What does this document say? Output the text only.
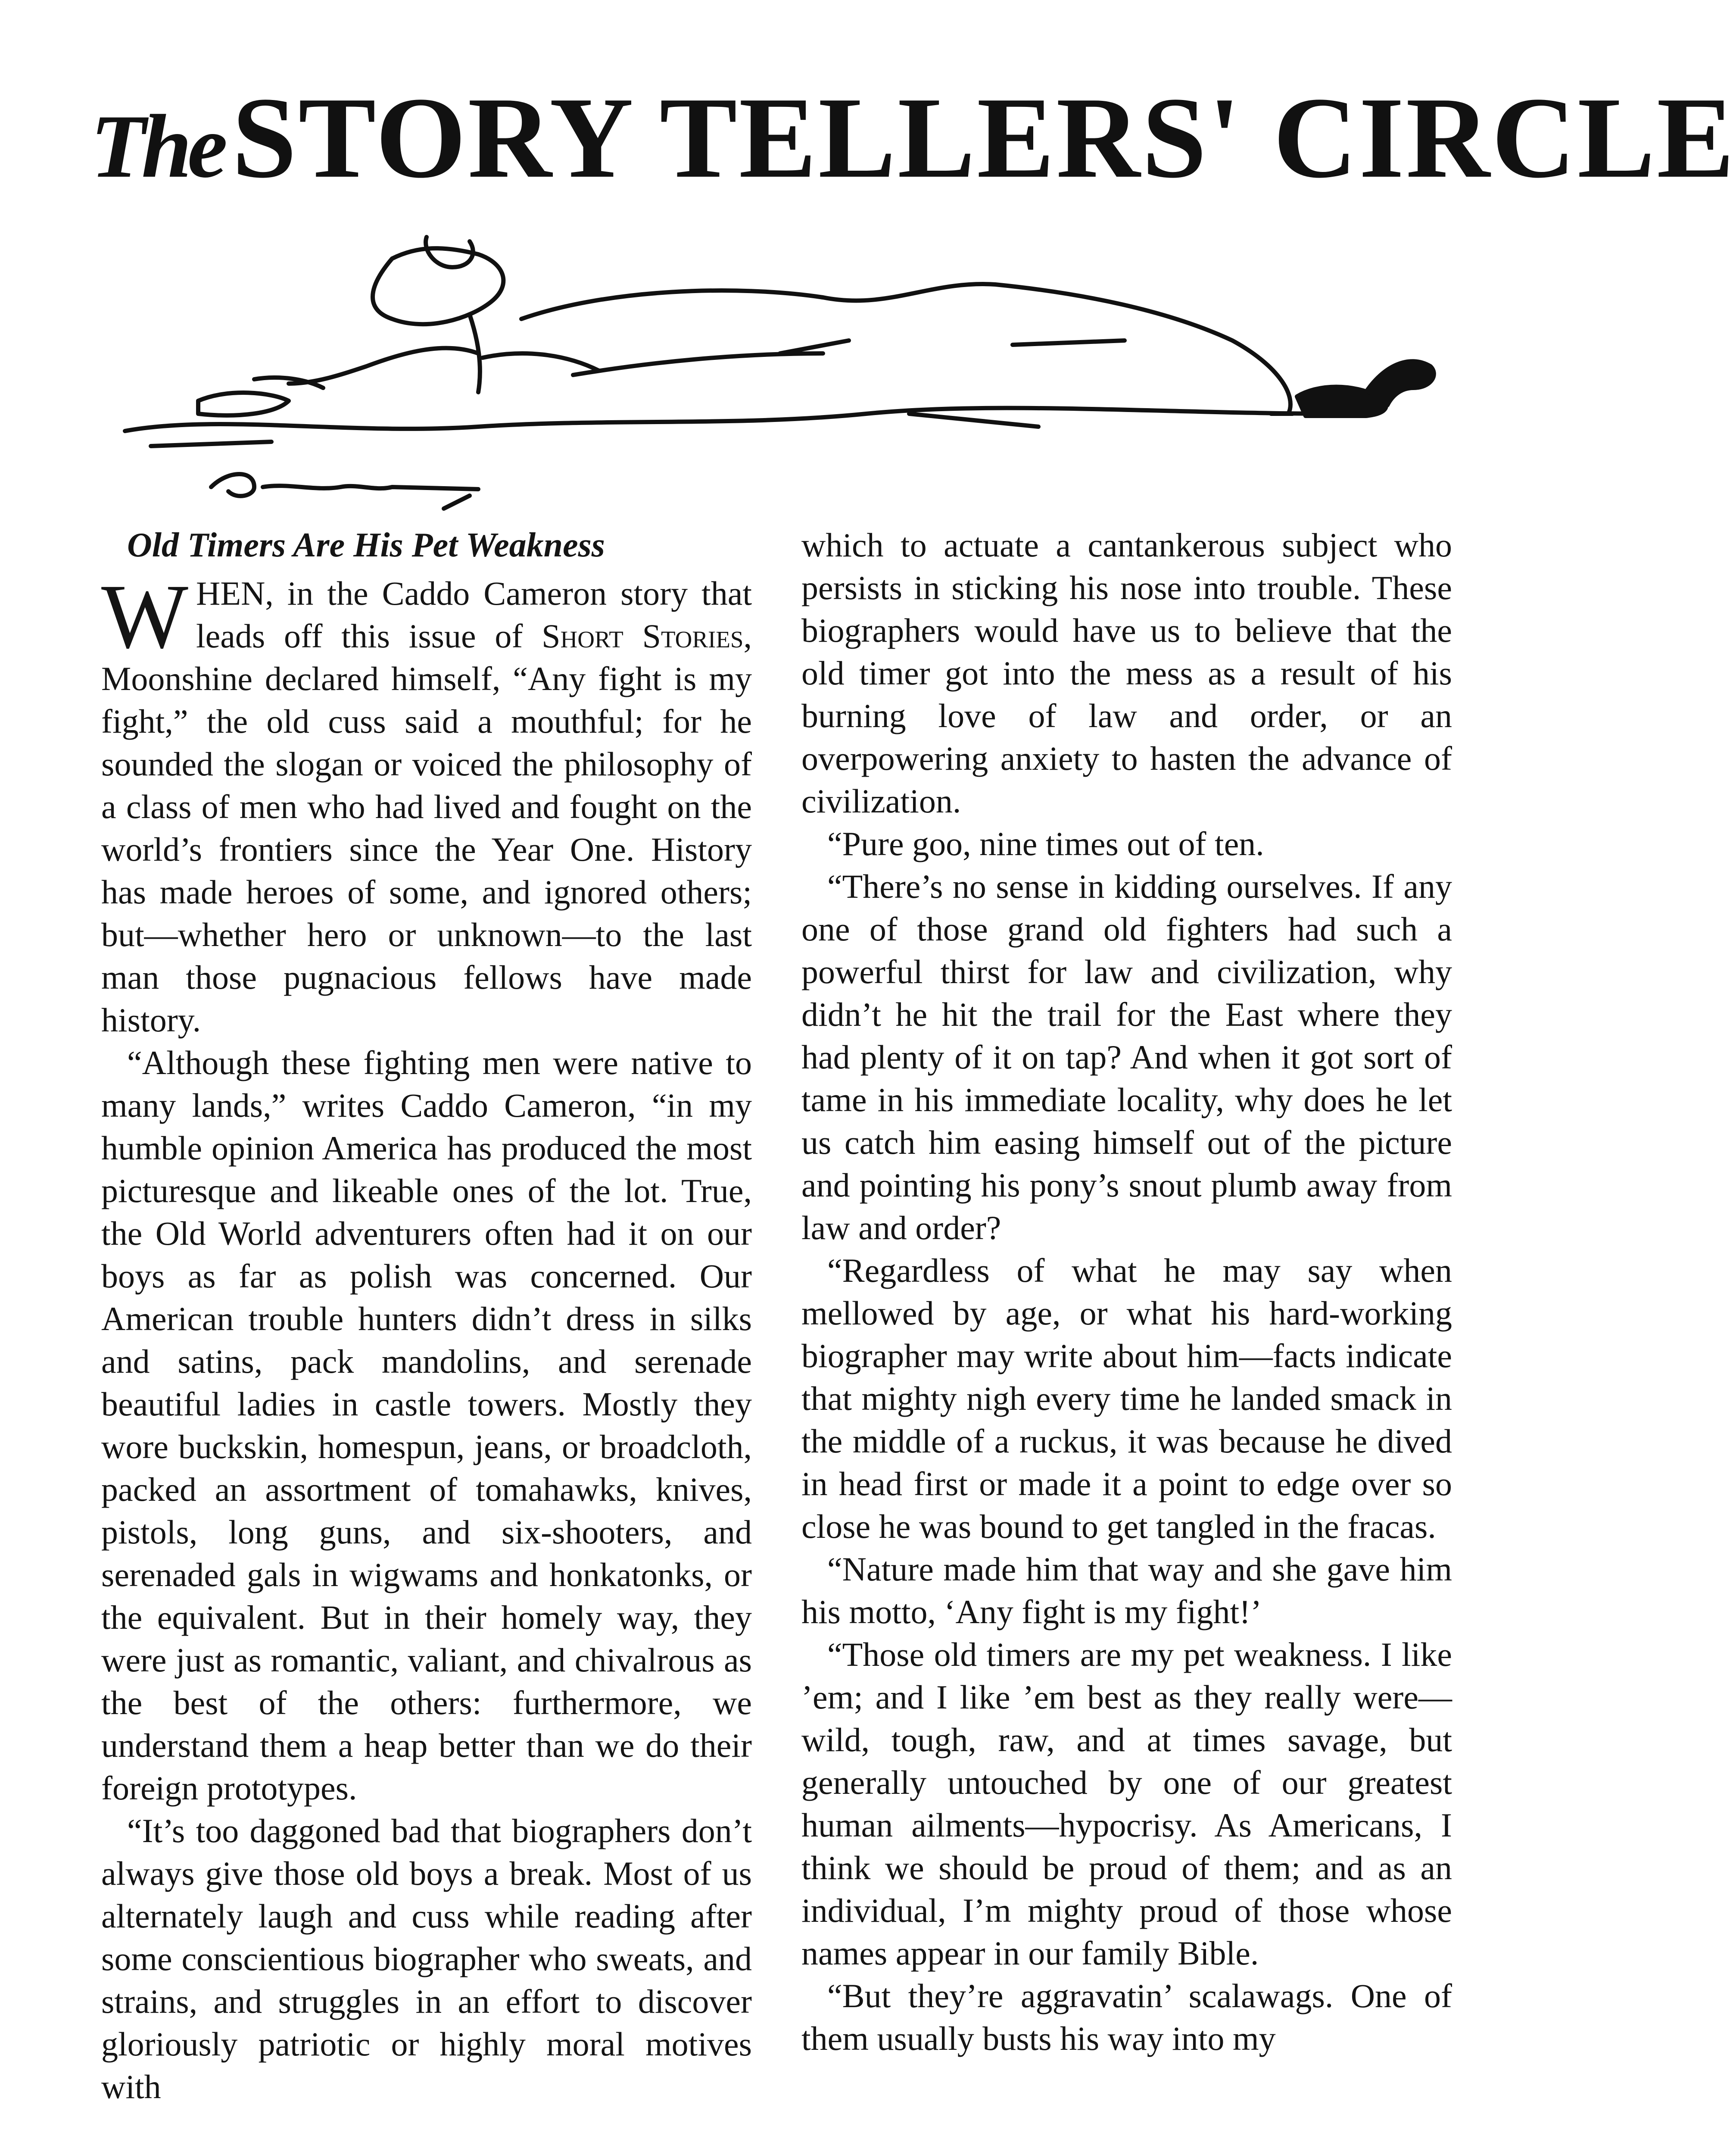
TheSTORY TELLERS' CIRCLE
Old Timers Are His Pet Weakness

WHEN, in the Caddo Cameron story that leads off this issue of Short Stories, Moonshine declared himself, “Any fight is my fight,” the old cuss said a mouthful; for he sounded the slogan or voiced the philosophy of a class of men who had lived and fought on the world’s frontiers since the Year One. History has made heroes of some, and ignored others; but—whether hero or unknown—to the last man those pugnacious fellows have made history.

“Although these fighting men were native to many lands,” writes Caddo Cameron, “in my humble opinion America has produced the most picturesque and likeable ones of the lot. True, the Old World adventurers often had it on our boys as far as polish was concerned. Our American trouble hunters didn’t dress in silks and satins, pack mandolins, and serenade beautiful ladies in castle towers. Mostly they wore buckskin, homespun, jeans, or broadcloth, packed an assortment of tomahawks, knives, pistols, long guns, and six-shooters, and serenaded gals in wigwams and honkatonks, or the equivalent. But in their homely way, they were just as romantic, valiant, and chivalrous as the best of the others: furthermore, we understand them a heap better than we do their foreign prototypes.

“It’s too daggoned bad that biographers don’t always give those old boys a break. Most of us alternately laugh and cuss while reading after some conscientious biographer who sweats, and strains, and struggles in an effort to discover gloriously patriotic or highly moral motives with

which to actuate a cantankerous subject who persists in sticking his nose into trouble. These biographers would have us to believe that the old timer got into the mess as a result of his burning love of law and order, or an overpowering anxiety to hasten the advance of civilization.

“Pure goo, nine times out of ten.

“There’s no sense in kidding ourselves. If any one of those grand old fighters had such a powerful thirst for law and civilization, why didn’t he hit the trail for the East where they had plenty of it on tap? And when it got sort of tame in his immediate locality, why does he let us catch him easing himself out of the picture and pointing his pony’s snout plumb away from law and order?

“Regardless of what he may say when mellowed by age, or what his hard-working biographer may write about him—facts indicate that mighty nigh every time he landed smack in the middle of a ruckus, it was because he dived in head first or made it a point to edge over so close he was bound to get tangled in the fracas.

“Nature made him that way and she gave him his motto, ‘Any fight is my fight!’

“Those old timers are my pet weakness. I like ’em; and I like ’em best as they really were—wild, tough, raw, and at times savage, but generally untouched by one of our greatest human ailments—hypocrisy. As Americans, I think we should be proud of them; and as an individual, I’m mighty proud of those whose names appear in our family Bible.

“But they’re aggravatin’ scalawags. One of them usually busts his way into my
